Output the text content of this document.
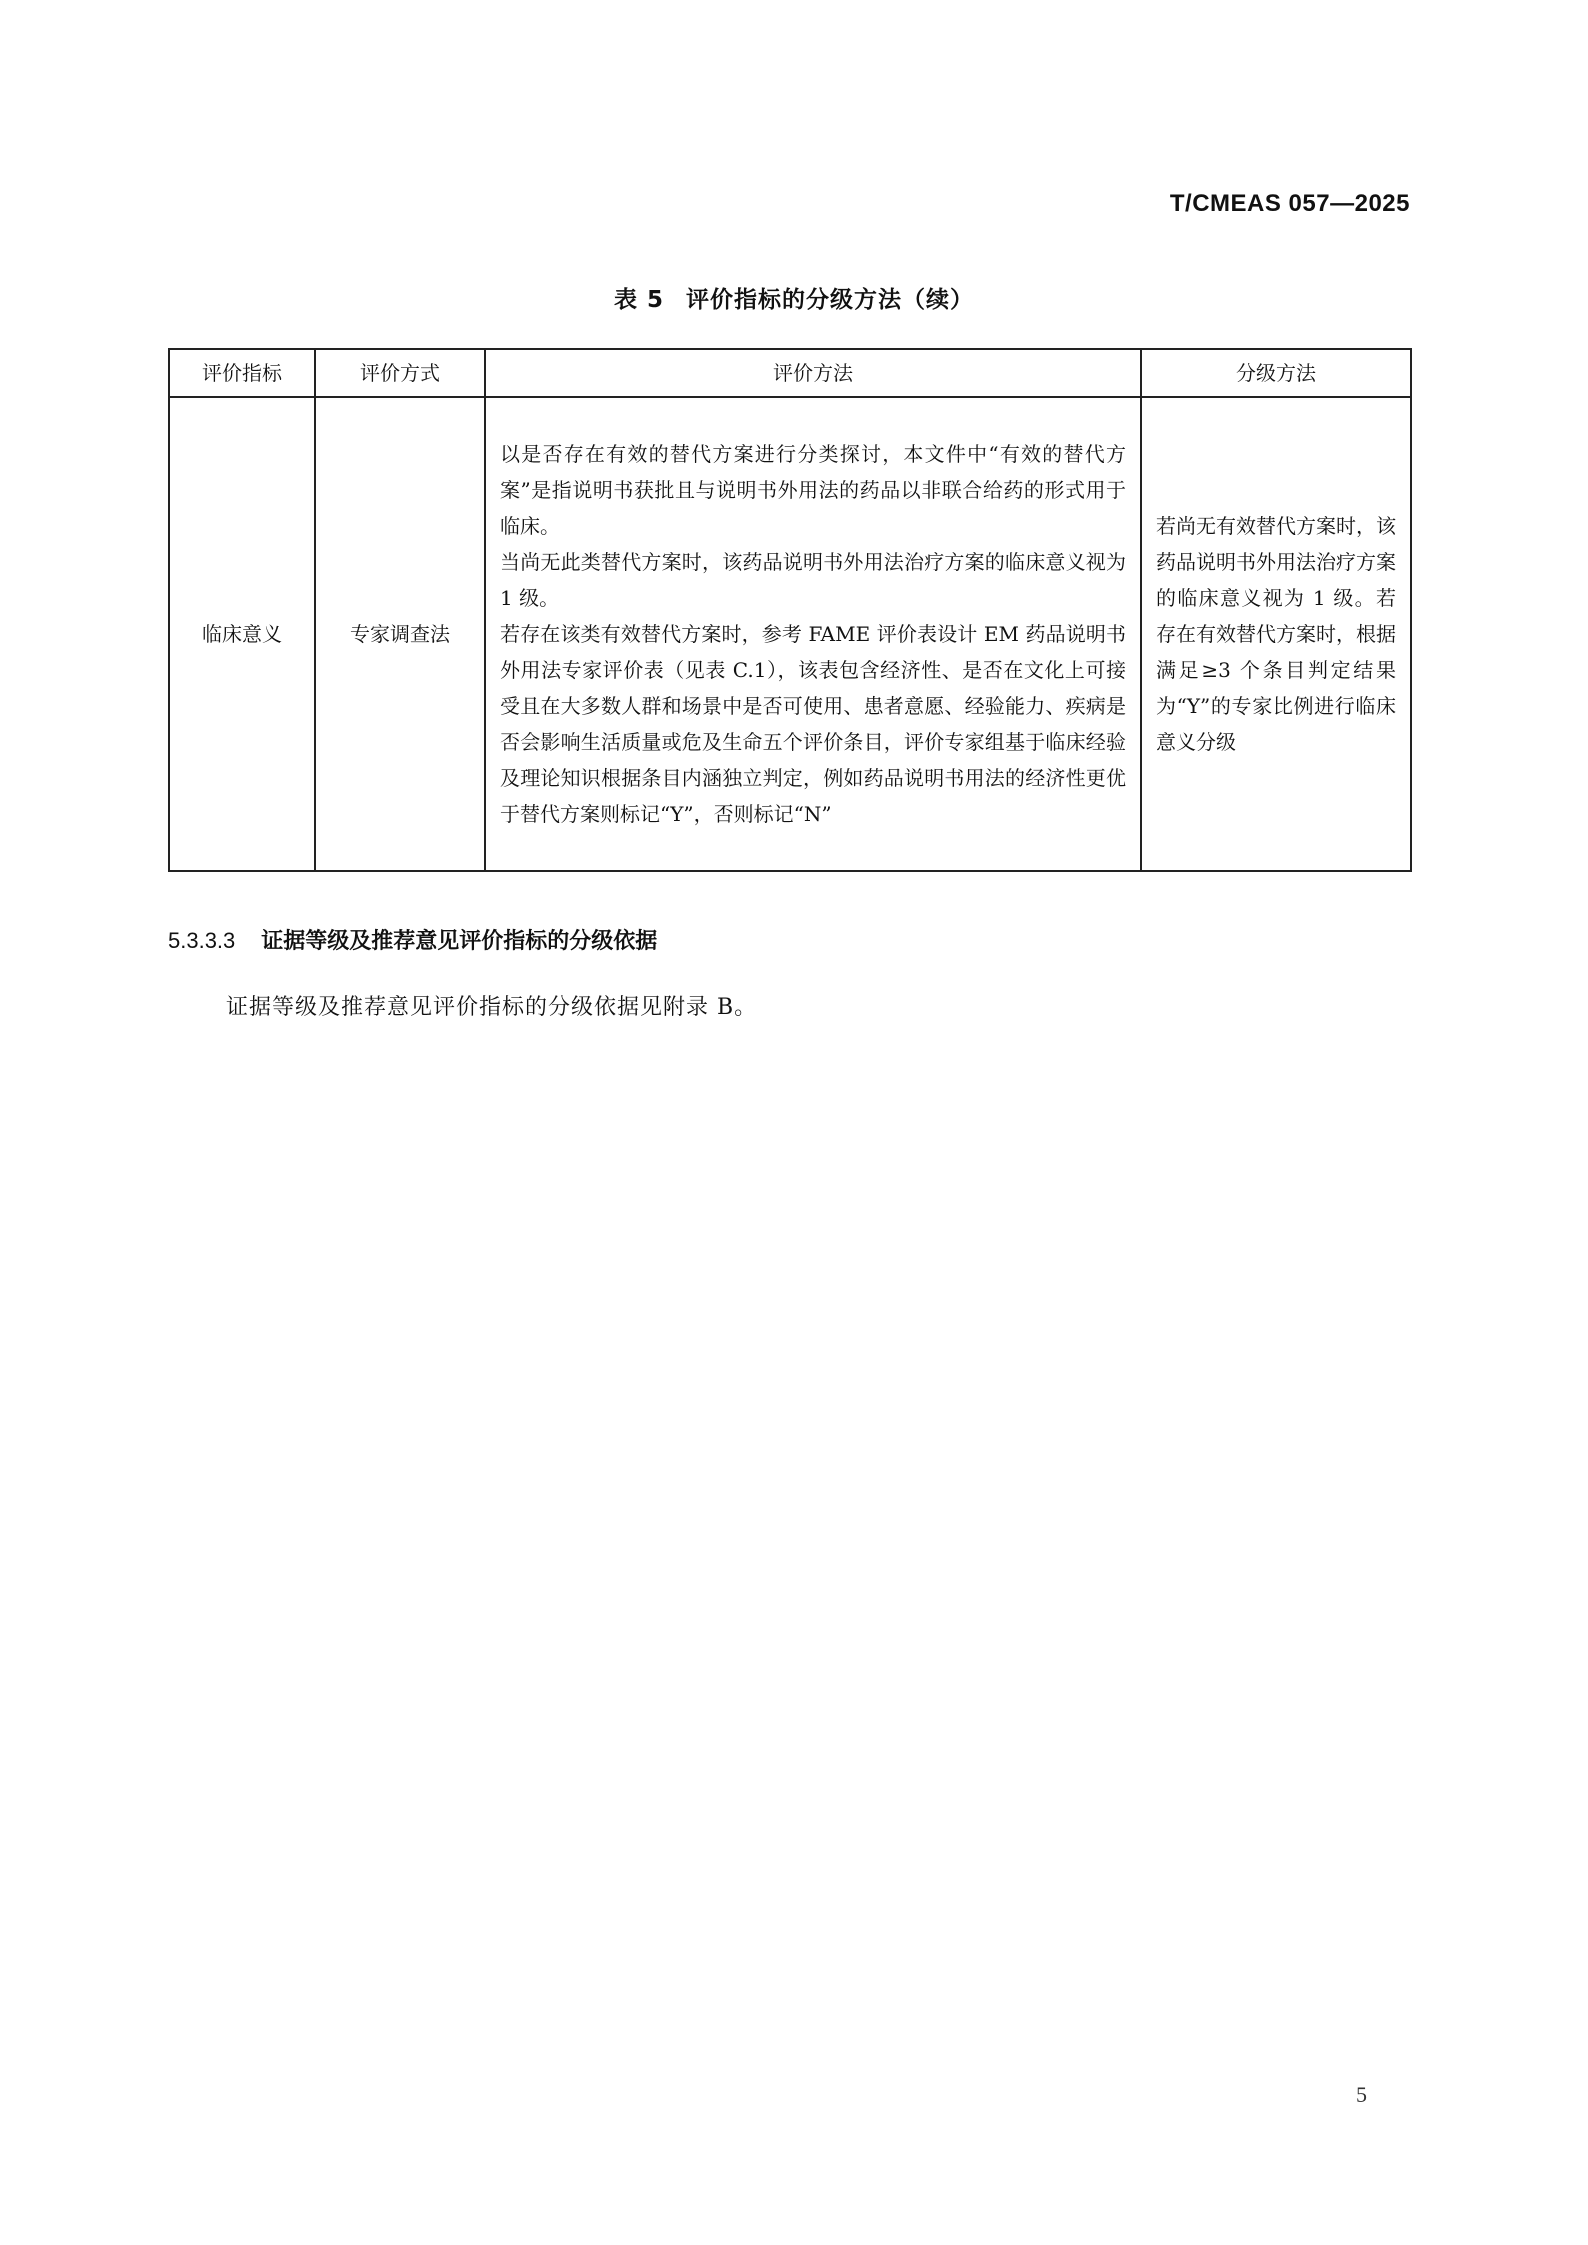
T/CMEAS 057—2025
表 5 评价指标的分级方法（续）
评价指标	评价方式	评价方法	分级方法
临床意义	专家调查法	以是否存在有效的替代方案进行分类探讨，本文件中“有效的替代方案”是指说明书获批且与说明书外用法的药品以非联合给药的形式用于临床。

当尚无此类替代方案时，该药品说明书外用法治疗方案的临床意义视为 1 级。

若存在该类有效替代方案时，参考 FAME 评价表设计 EM 药品说明书外用法专家评价表（见表 C.1），该表包含经济性、是否在文化上可接受且在大多数人群和场景中是否可使用、患者意愿、经验能力、疾病是否会影响生活质量或危及生命五个评价条目，评价专家组基于临床经验及理论知识根据条目内涵独立判定，例如药品说明书用法的经济性更优于替代方案则标记“Y”，否则标记“N”	若尚无有效替代方案时，该药品说明书外用法治疗方案的临床意义视为 1 级。若存在有效替代方案时，根据满足≥3 个条目判定结果为“Y”的专家比例进行临床意义分级
5.3.3.3 证据等级及推荐意见评价指标的分级依据
证据等级及推荐意见评价指标的分级依据见附录 B。
5
